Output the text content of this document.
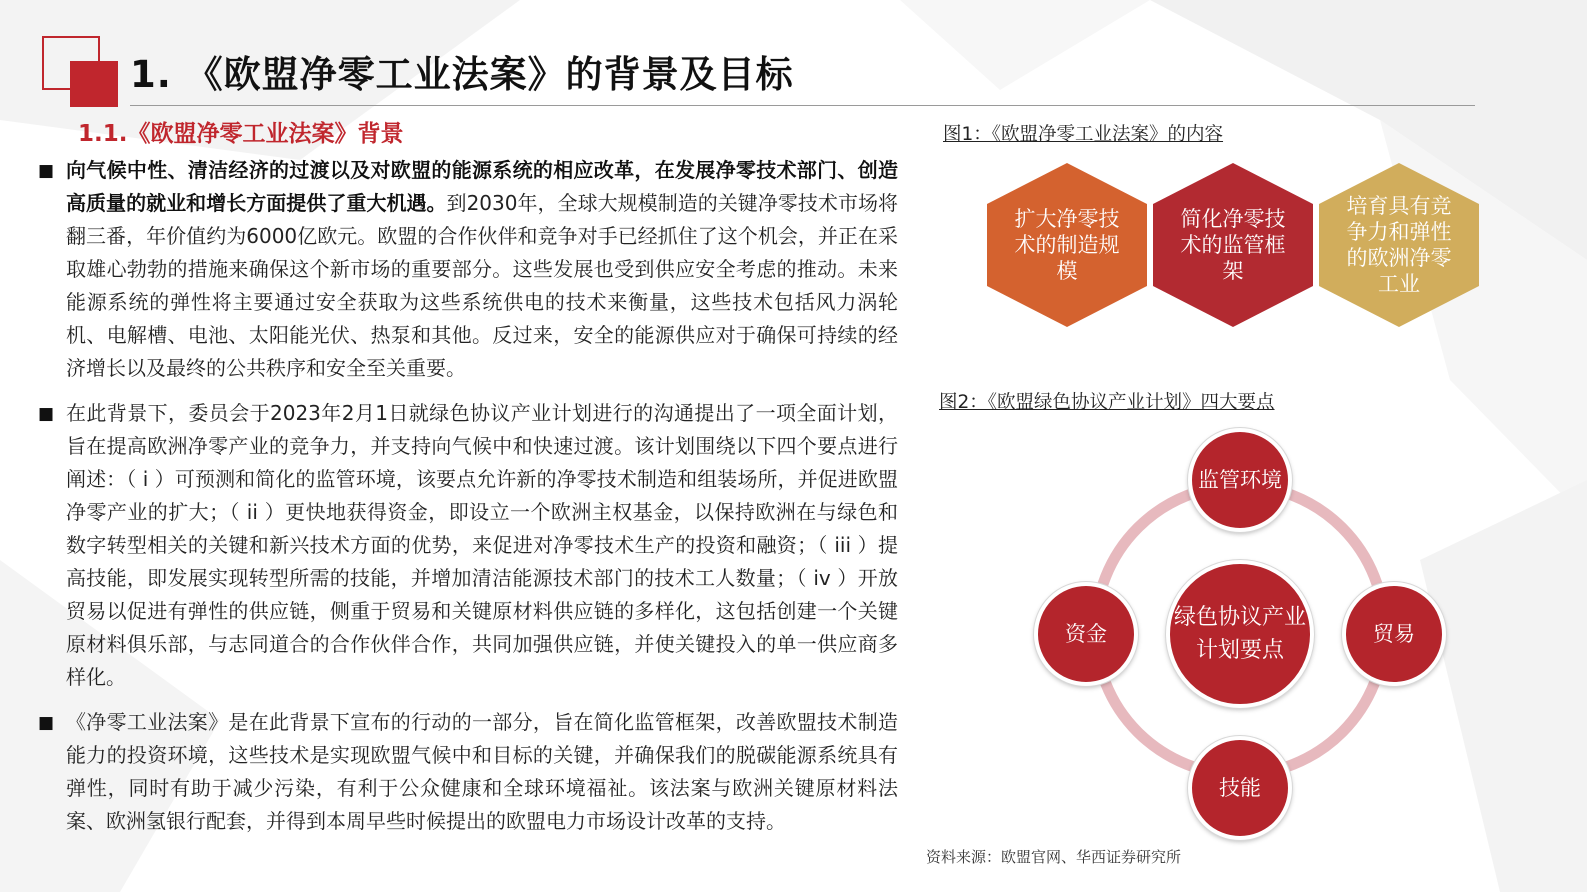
1. 《欧盟净零工业法案》的背景及目标
1.1.《欧盟净零工业法案》背景
■ 向气候中性、清洁经济的过渡以及对欧盟的能源系统的相应改革，在发展净零技术部门、创造高质量的就业和增长方面提供了重大机遇。到2030年，全球大规模制造的关键净零技术市场将翻三番，年价值约为6000亿欧元。欧盟的合作伙伴和竞争对手已经抓住了这个机会，并正在采取雄心勃勃的措施来确保这个新市场的重要部分。这些发展也受到供应安全考虑的推动。未来能源系统的弹性将主要通过安全获取为这些系统供电的技术来衡量，这些技术包括风力涡轮机、电解槽、电池、太阳能光伏、热泵和其他。反过来，安全的能源供应对于确保可持续的经济增长以及最终的公共秩序和安全至关重要。
■ 在此背景下，委员会于2023年2月1日就绿色协议产业计划进行的沟通提出了一项全面计划，旨在提高欧洲净零产业的竞争力，并支持向气候中和快速过渡。该计划围绕以下四个要点进行阐述：（ i ）可预测和简化的监管环境，该要点允许新的净零技术制造和组装场所，并促进欧盟净零产业的扩大；（ ii ）更快地获得资金，即设立一个欧洲主权基金，以保持欧洲在与绿色和数字转型相关的关键和新兴技术方面的优势，来促进对净零技术生产的投资和融资；（ iii ）提高技能，即发展实现转型所需的技能，并增加清洁能源技术部门的技术工人数量；（ iv ）开放贸易以促进有弹性的供应链，侧重于贸易和关键原材料供应链的多样化，这包括创建一个关键原材料俱乐部，与志同道合的合作伙伴合作，共同加强供应链，并使关键投入的单一供应商多样化。
■ 《净零工业法案》是在此背景下宣布的行动的一部分，旨在简化监管框架，改善欧盟技术制造能力的投资环境，这些技术是实现欧盟气候中和目标的关键，并确保我们的脱碳能源系统具有弹性，同时有助于减少污染，有利于公众健康和全球环境福祉。该法案与欧洲关键原材料法案、欧洲氢银行配套，并得到本周早些时候提出的欧盟电力市场设计改革的支持。
图1：《欧盟净零工业法案》的内容
扩大净零技术的制造规模
简化净零技术的监管框架
培育具有竞争力和弹性的欧洲净零工业
图2：《欧盟绿色协议产业计划》四大要点
监管环境
资金	贸易
技能
绿色协议产业计划要点
资料来源：欧盟官网、华西证券研究所
